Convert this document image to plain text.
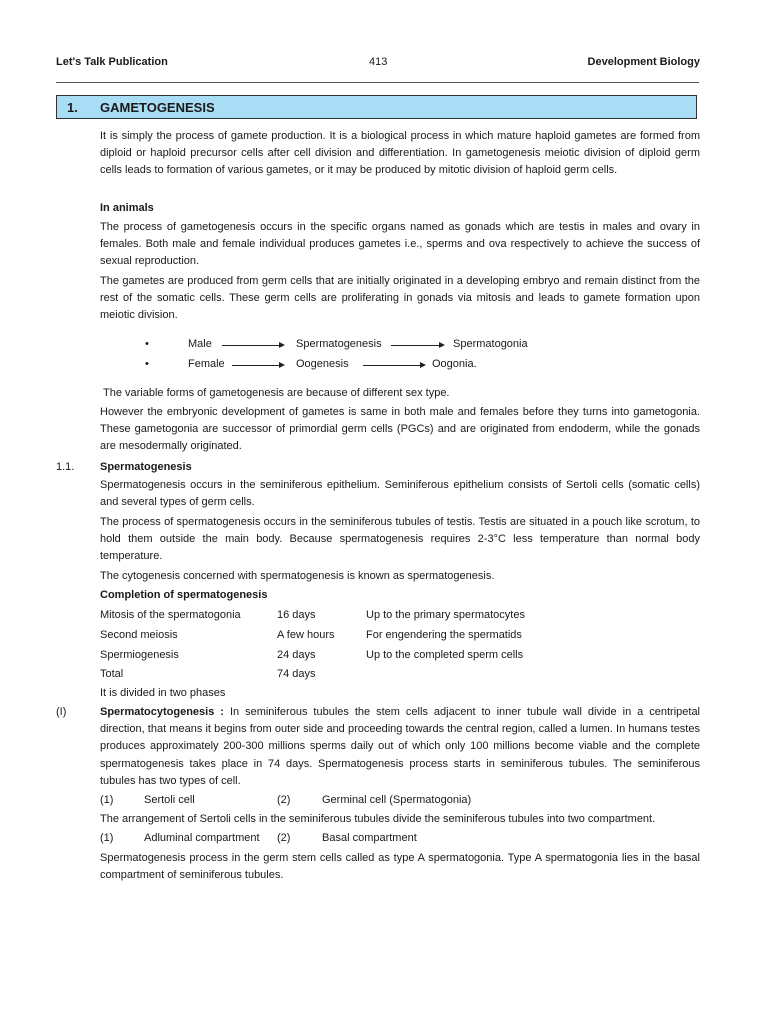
Let's Talk Publication	413	Development Biology
1. GAMETOGENESIS

It is simply the process of gamete production. It is a biological process in which mature haploid gametes are formed from diploid or haploid precursor cells after cell division and differentiation. In gametogenesis meiotic division of diploid germ cells leads to formation of various gametes, or it may be produced by mitotic division of haploid germ cells.

In animals

The process of gametogenesis occurs in the specific organs named as gonads which are testis in males and ovary in females. Both male and female individual produces gametes i.e., sperms and ova respectively to achieve the success of sexual reproduction.

The gametes are produced from germ cells that are initially originated in a developing embryo and remain distinct from the rest of the somatic cells. These germ cells are proliferating in gonads via mitosis and leads to gamete formation upon meiotic division.

•	Male	Spermatogenesis	Spermatogonia
•	Female	Oogenesis	Oogonia.
The variable forms of gametogenesis are because of different sex type.

However the embryonic development of gametes is same in both male and females before they turns into gametogonia. These gametogonia are successor of primordial germ cells (PGCs) and are originated from endoderm, while the gonads are mesodermally originated.

1.1. Spermatogenesis

Spermatogenesis occurs in the seminiferous epithelium. Seminiferous epithelium consists of Sertoli cells (somatic cells) and several types of germ cells.

The process of spermatogenesis occurs in the seminiferous tubules of testis. Testis are situated in a pouch like scrotum, to hold them outside the main body. Because spermatogenesis requires 2-3°C less temperature than normal body temperature.

The cytogenesis concerned with spermatogenesis is known as spermatogenesis.
Completion of spermatogenesis
Mitosis of the spermatogonia	16 days	Up to the primary spermatocytes
Second meiosis	A few hours	For engendering the spermatids
Spermiogenesis	24 days	Up to the completed sperm cells
Total	74 days
It is divided in two phases
(I)	Spermatocytogenesis : In seminiferous tubules the stem cells adjacent to inner tubule wall divide in a centripetal direction, that means it begins from outer side and proceeding towards the central region, called a lumen. In humans testes produces approximately 200-300 millions sperms daily out of which only 100 millions become viable and the complete spermatogenesis takes place in 74 days. Spermatogenesis process starts in seminiferous tubules. The seminiferous tubules has two types of cell.

(1)	Sertoli cell	(2)	Germinal cell (Spermatogonia)
The arrangement of Sertoli cells in the seminiferous tubules divide the seminiferous tubules into two compartment.
(1)	Adluminal compartment (2)	Basal compartment

Spermatogenesis process in the germ stem cells called as type A spermatogonia. Type A spermatogonia lies in the basal compartment of seminiferous tubules.
